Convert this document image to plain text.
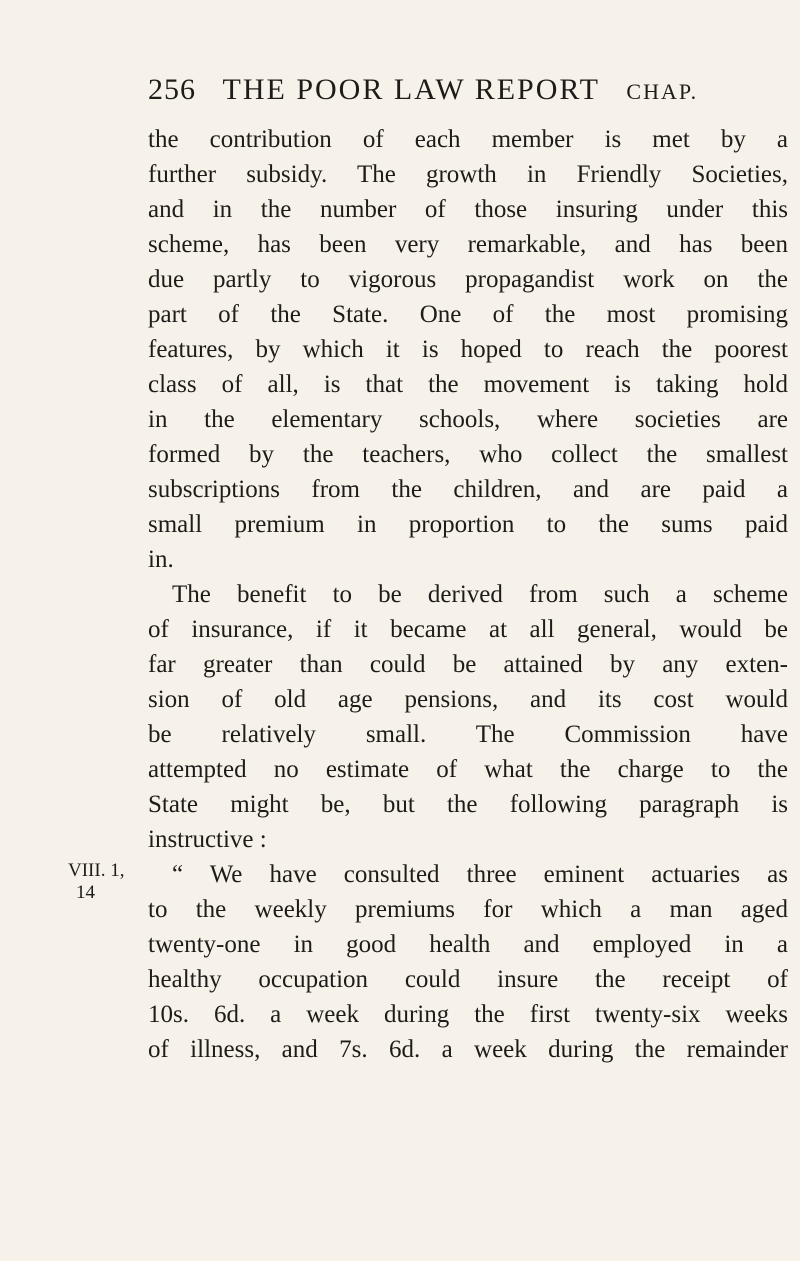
256 THE POOR LAW REPORT CHAP.
VIII. 1,
14
the contribution of each member is met by a
further subsidy. The growth in Friendly Societies,
and in the number of those insuring under this
scheme, has been very remarkable, and has been
due partly to vigorous propagandist work on the
part of the State. One of the most promising
features, by which it is hoped to reach the poorest
class of all, is that the movement is taking hold
in the elementary schools, where societies are
formed by the teachers, who collect the smallest
subscriptions from the children, and are paid a
small premium in proportion to the sums paid
in.
The benefit to be derived from such a scheme
of insurance, if it became at all general, would be
far greater than could be attained by any exten-
sion of old age pensions, and its cost would
be relatively small. The Commission have
attempted no estimate of what the charge to the
State might be, but the following paragraph is
instructive :
“ We have consulted three eminent actuaries as
to the weekly premiums for which a man aged
twenty-one in good health and employed in a
healthy occupation could insure the receipt of
10s. 6d. a week during the first twenty-six weeks
of illness, and 7s. 6d. a week during the remainder
